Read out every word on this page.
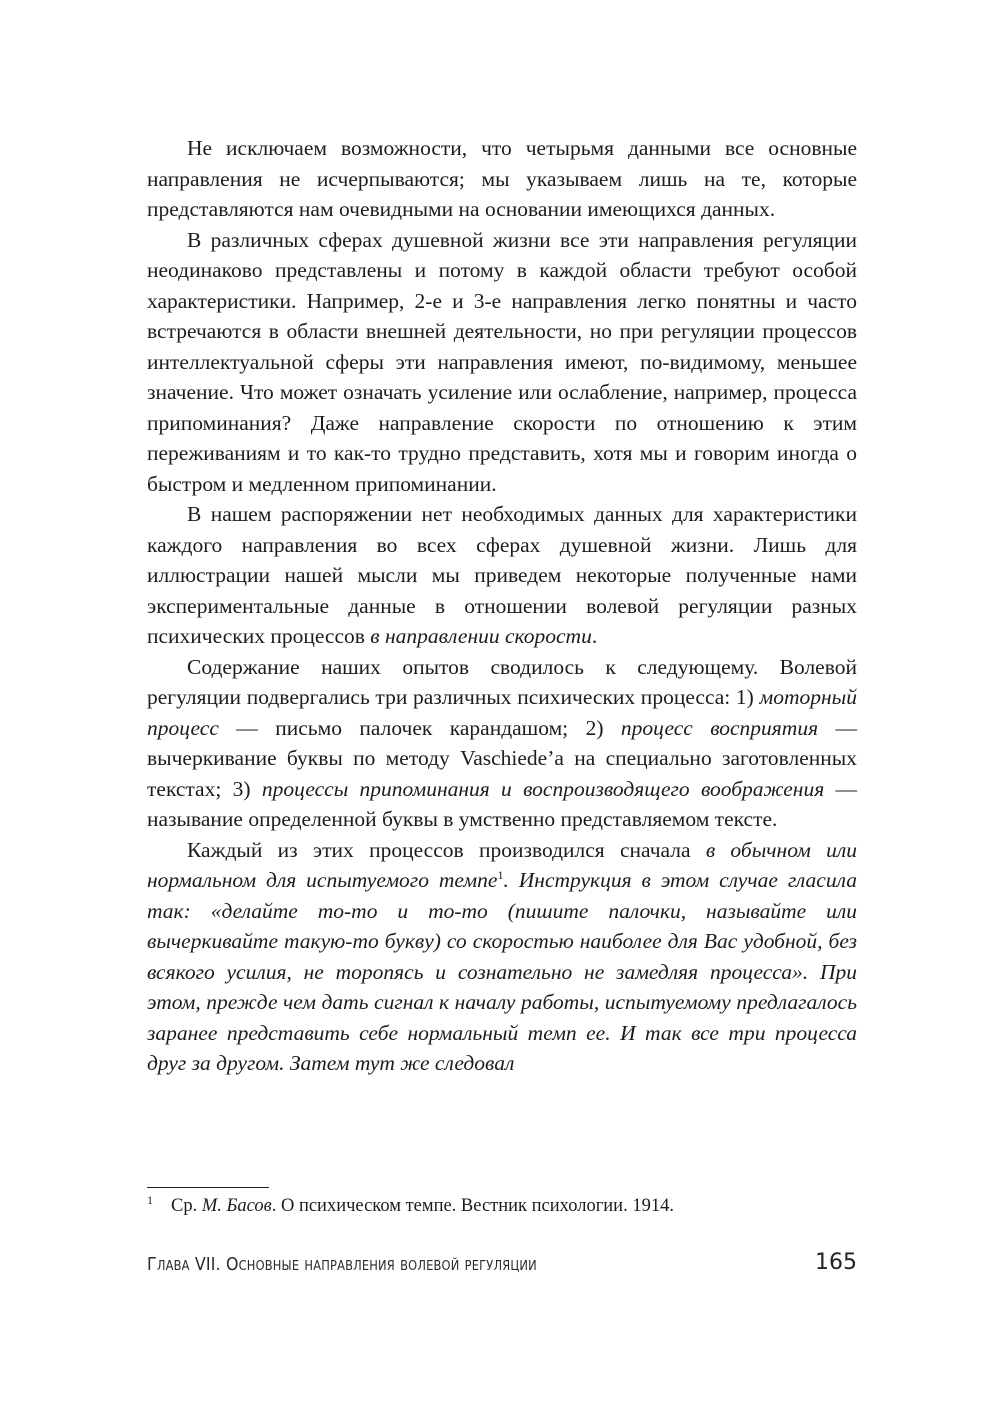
Не исключаем возможности, что четырьмя данными все основные направления не исчерпываются; мы указываем лишь на те, которые представляются нам очевидными на основании имеющихся данных.

В различных сферах душевной жизни все эти направления регуляции неодинаково представлены и потому в каждой области требуют особой характеристики. Например, 2-е и 3-е направления легко понятны и часто встречаются в области внешней деятельности, но при регуляции процессов интеллектуальной сферы эти направления имеют, по-видимому, меньшее значение. Что может означать усиление или ослабление, например, процесса припоминания? Даже направление скорости по отношению к этим переживаниям и то как-то трудно представить, хотя мы и говорим иногда о быстром и медленном припоминании.

В нашем распоряжении нет необходимых данных для характеристики каждого направления во всех сферах душевной жизни. Лишь для иллюстрации нашей мысли мы приведем некоторые полученные нами экспериментальные данные в отношении волевой регуляции разных психических процессов в направлении скорости.

Содержание наших опытов сводилось к следующему. Волевой регуляции подвергались три различных психических процесса: 1) моторный процесс — письмо палочек карандашом; 2) процесс восприятия — вычеркивание буквы по методу Vaschiede’a на специально заготовленных текстах; 3) процессы припоминания и воспроизводящего воображения — называние определенной буквы в умственно представляемом тексте.

Каждый из этих процессов производился сначала в обычном или нормальном для испытуемого темпе$^1$. Инструкция в этом случае гласила так: «делайте то-то и то-то (пишите палочки, называйте или вычеркивайте такую-то букву) со скоростью наиболее для Вас удобной, без всякого усилия, не торопясь и сознательно не замедляя процесса». При этом, прежде чем дать сигнал к началу работы, испытуемому предлагалось заранее представить себе нормальный темп ее. И так все три процесса друг за другом. Затем тут же следовал

1 Ср. М. Басов. О психическом темпе. Вестник психологии. 1914.
Глава VII. Основные направления волевой регуляции	165
